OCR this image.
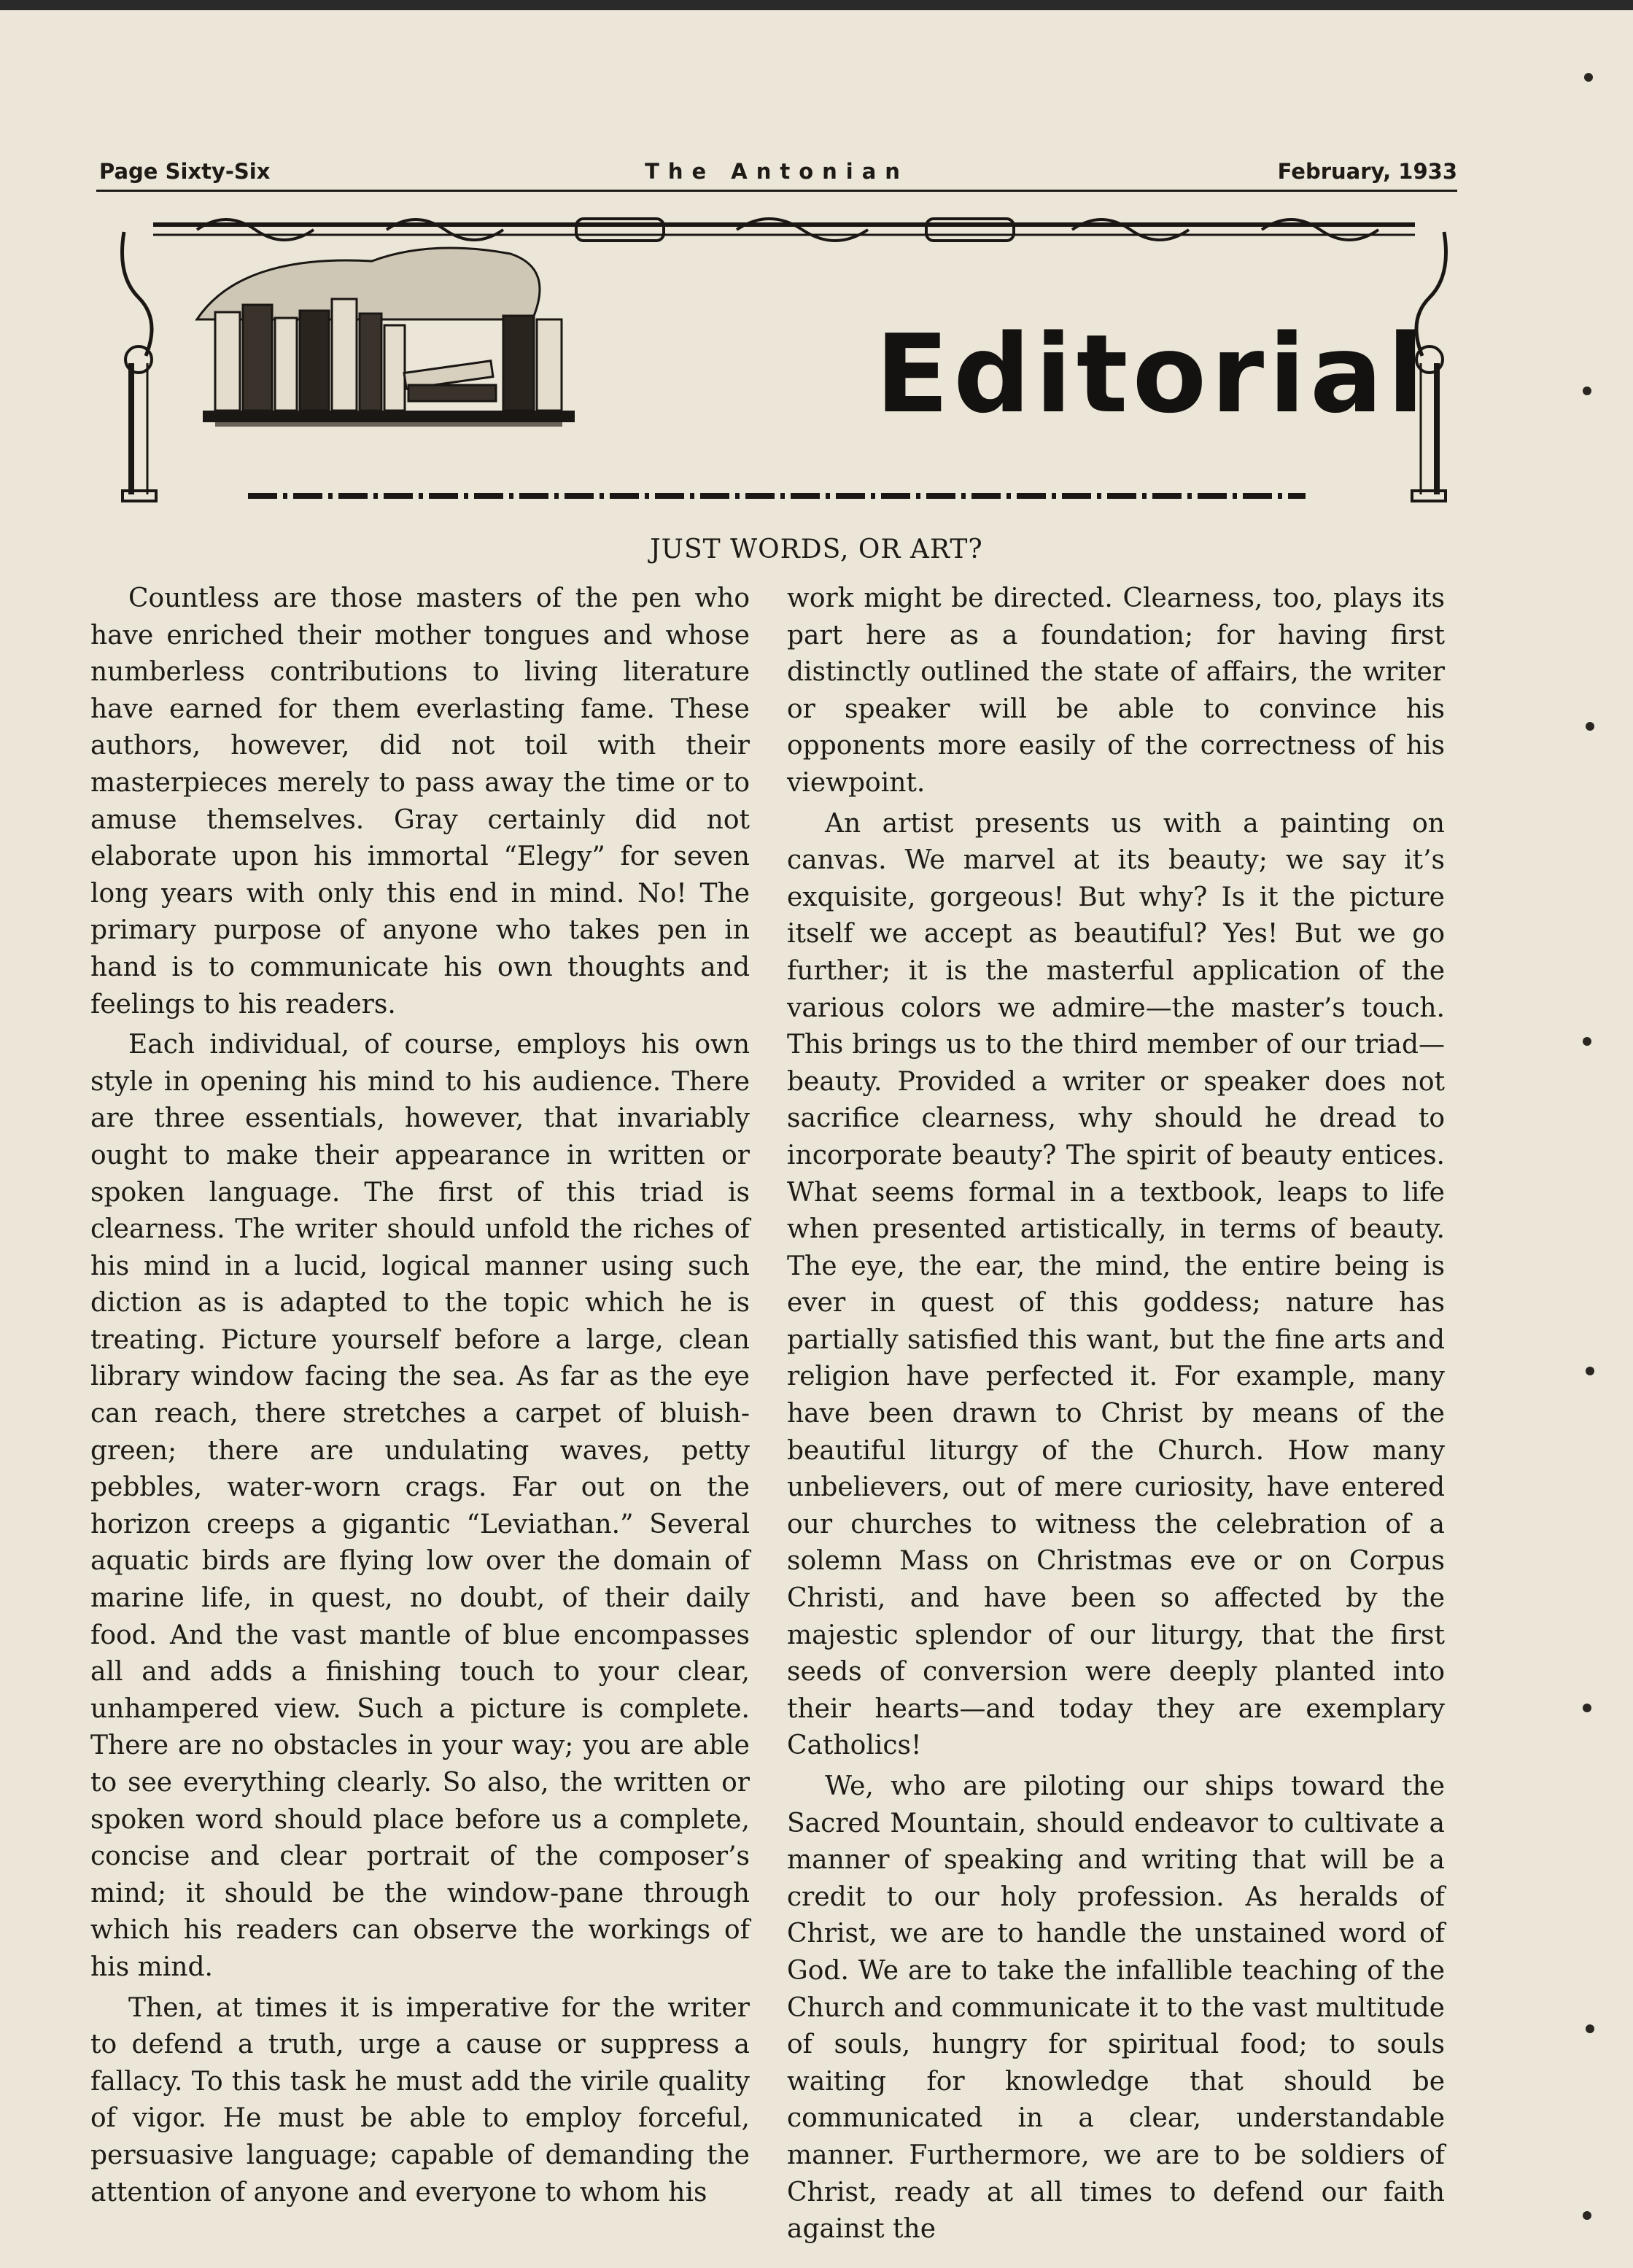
Page Sixty-Six	The Antonian	February, 1933
Editorial
JUST WORDS, OR ART?

Countless are those masters of the pen who have enriched their mother tongues and whose numberless contributions to living literature have earned for them everlasting fame. These authors, however, did not toil with their masterpieces merely to pass away the time or to amuse themselves. Gray certainly did not elaborate upon his immortal “Elegy” for seven long years with only this end in mind. No! The primary purpose of anyone who takes pen in hand is to communicate his own thoughts and feelings to his readers.

Each individual, of course, employs his own style in opening his mind to his audience. There are three essentials, however, that invariably ought to make their appearance in written or spoken language. The first of this triad is clearness. The writer should unfold the riches of his mind in a lucid, logical manner using such diction as is adapted to the topic which he is treating. Picture yourself before a large, clean library window facing the sea. As far as the eye can reach, there stretches a carpet of bluish-green; there are undulating waves, petty pebbles, water-worn crags. Far out on the horizon creeps a gigantic “Leviathan.” Several aquatic birds are flying low over the domain of marine life, in quest, no doubt, of their daily food. And the vast mantle of blue encompasses all and adds a finishing touch to your clear, unhampered view. Such a picture is complete. There are no obstacles in your way; you are able to see everything clearly. So also, the written or spoken word should place before us a complete, concise and clear portrait of the composer’s mind; it should be the window-pane through which his readers can observe the workings of his mind.

Then, at times it is imperative for the writer to defend a truth, urge a cause or suppress a fallacy. To this task he must add the virile quality of vigor. He must be able to employ forceful, persuasive language; capable of demanding the attention of anyone and everyone to whom his

work might be directed. Clearness, too, plays its part here as a foundation; for having first distinctly outlined the state of affairs, the writer or speaker will be able to convince his opponents more easily of the correctness of his viewpoint.

An artist presents us with a painting on canvas. We marvel at its beauty; we say it’s exquisite, gorgeous! But why? Is it the picture itself we accept as beautiful? Yes! But we go further; it is the masterful application of the various colors we admire—the master’s touch. This brings us to the third member of our triad—beauty. Provided a writer or speaker does not sacrifice clearness, why should he dread to incorporate beauty? The spirit of beauty entices. What seems formal in a textbook, leaps to life when presented artistically, in terms of beauty. The eye, the ear, the mind, the entire being is ever in quest of this goddess; nature has partially satisfied this want, but the fine arts and religion have perfected it. For example, many have been drawn to Christ by means of the beautiful liturgy of the Church. How many unbelievers, out of mere curiosity, have entered our churches to witness the celebration of a solemn Mass on Christmas eve or on Corpus Christi, and have been so affected by the majestic splendor of our liturgy, that the first seeds of conversion were deeply planted into their hearts—and today they are exemplary Catholics!

We, who are piloting our ships toward the Sacred Mountain, should endeavor to cultivate a manner of speaking and writing that will be a credit to our holy profession. As heralds of Christ, we are to handle the unstained word of God. We are to take the infallible teaching of the Church and communicate it to the vast multitude of souls, hungry for spiritual food; to souls waiting for knowledge that should be communicated in a clear, understandable manner. Furthermore, we are to be soldiers of Christ, ready at all times to defend our faith against the
